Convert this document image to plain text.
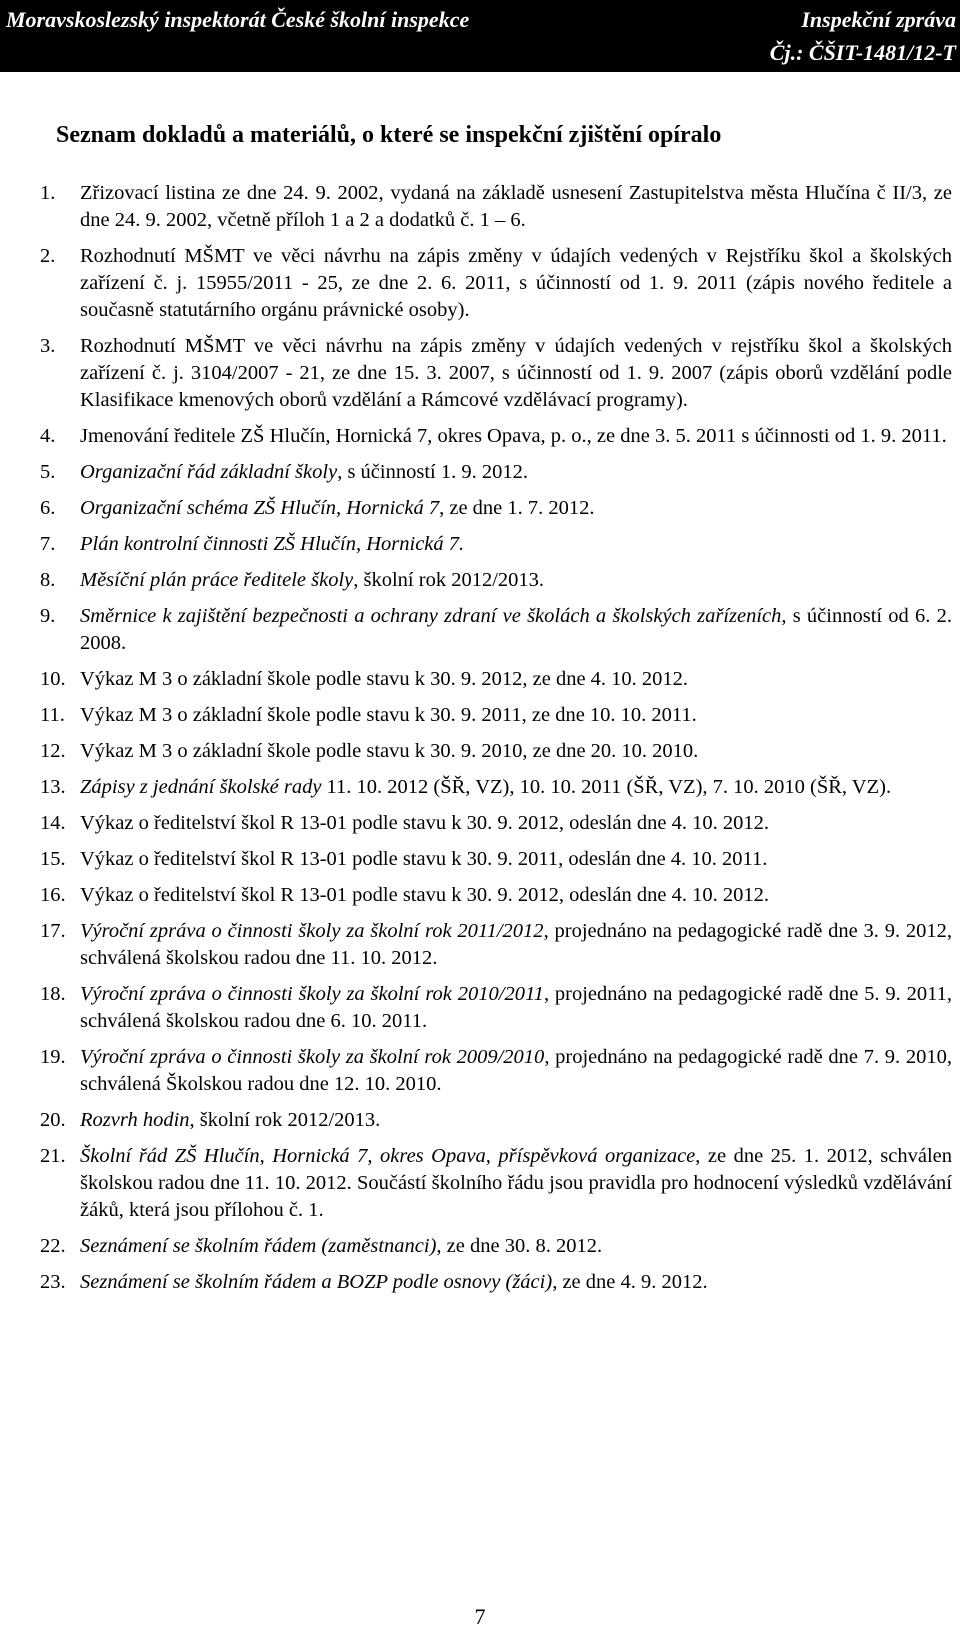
Moravskoslezský inspektorát České školní inspekce	Inspekční zpráva
Čj.: ČŠIT-1481/12-T
Seznam dokladů a materiálů, o které se inspekční zjištění opíralo
1.	Zřizovací listina ze dne 24. 9. 2002, vydaná na základě usnesení Zastupitelstva města Hlučína č II/3, ze dne 24. 9. 2002, včetně příloh 1 a 2 a dodatků č. 1 – 6.
2.	Rozhodnutí MŠMT ve věci návrhu na zápis změny v údajích vedených v Rejstříku škol a školských zařízení č. j. 15955/2011 - 25, ze dne 2. 6. 2011, s účinností od 1. 9. 2011 (zápis nového ředitele a současně statutárního orgánu právnické osoby).
3.	Rozhodnutí MŠMT ve věci návrhu na zápis změny v údajích vedených v rejstříku škol a školských zařízení č. j. 3104/2007 - 21, ze dne 15. 3. 2007, s účinností od 1. 9. 2007 (zápis oborů vzdělání podle Klasifikace kmenových oborů vzdělání a Rámcové vzdělávací programy).
4.	Jmenování ředitele ZŠ Hlučín, Hornická 7, okres Opava, p. o., ze dne 3. 5. 2011 s účinnosti od 1. 9. 2011.
5.	Organizační řád základní školy, s účinností 1. 9. 2012.
6.	Organizační schéma ZŠ Hlučín, Hornická 7, ze dne 1. 7. 2012.
7.	Plán kontrolní činnosti ZŠ Hlučín, Hornická 7.
8.	Měsíční plán práce ředitele školy, školní rok 2012/2013.
9.	Směrnice k zajištění bezpečnosti a ochrany zdraní ve školách a školských zařízeních, s účinností od 6. 2. 2008.
10. Výkaz M 3 o základní škole podle stavu k 30. 9. 2012, ze dne 4. 10. 2012.
11. Výkaz M 3 o základní škole podle stavu k 30. 9. 2011, ze dne 10. 10. 2011.
12. Výkaz M 3 o základní škole podle stavu k 30. 9. 2010, ze dne 20. 10. 2010.
13. Zápisy z jednání školské rady 11. 10. 2012 (ŠŘ, VZ), 10. 10. 2011 (ŠŘ, VZ), 7. 10. 2010 (ŠŘ, VZ).
14. Výkaz o ředitelství škol R 13-01 podle stavu k 30. 9. 2012, odeslán dne 4. 10. 2012.
15. Výkaz o ředitelství škol R 13-01 podle stavu k 30. 9. 2011, odeslán dne 4. 10. 2011.
16. Výkaz o ředitelství škol R 13-01 podle stavu k 30. 9. 2012, odeslán dne 4. 10. 2012.
17. Výroční zpráva o činnosti školy za školní rok 2011/2012, projednáno na pedagogické radě dne 3. 9. 2012, schválená školskou radou dne 11. 10. 2012.
18. Výroční zpráva o činnosti školy za školní rok 2010/2011, projednáno na pedagogické radě dne 5. 9. 2011, schválená školskou radou dne 6. 10. 2011.
19. Výroční zpráva o činnosti školy za školní rok 2009/2010, projednáno na pedagogické radě dne 7. 9. 2010, schválená Školskou radou dne 12. 10. 2010.
20. Rozvrh hodin, školní rok 2012/2013.
21. Školní řád ZŠ Hlučín, Hornická 7, okres Opava, příspěvková organizace, ze dne 25. 1. 2012, schválen školskou radou dne 11. 10. 2012. Součástí školního řádu jsou pravidla pro hodnocení výsledků vzdělávání žáků, která jsou přílohou č. 1.
22. Seznámení se školním řádem (zaměstnanci), ze dne 30. 8. 2012.
23. Seznámení se školním řádem a BOZP podle osnovy (žáci), ze dne 4. 9. 2012.
7
